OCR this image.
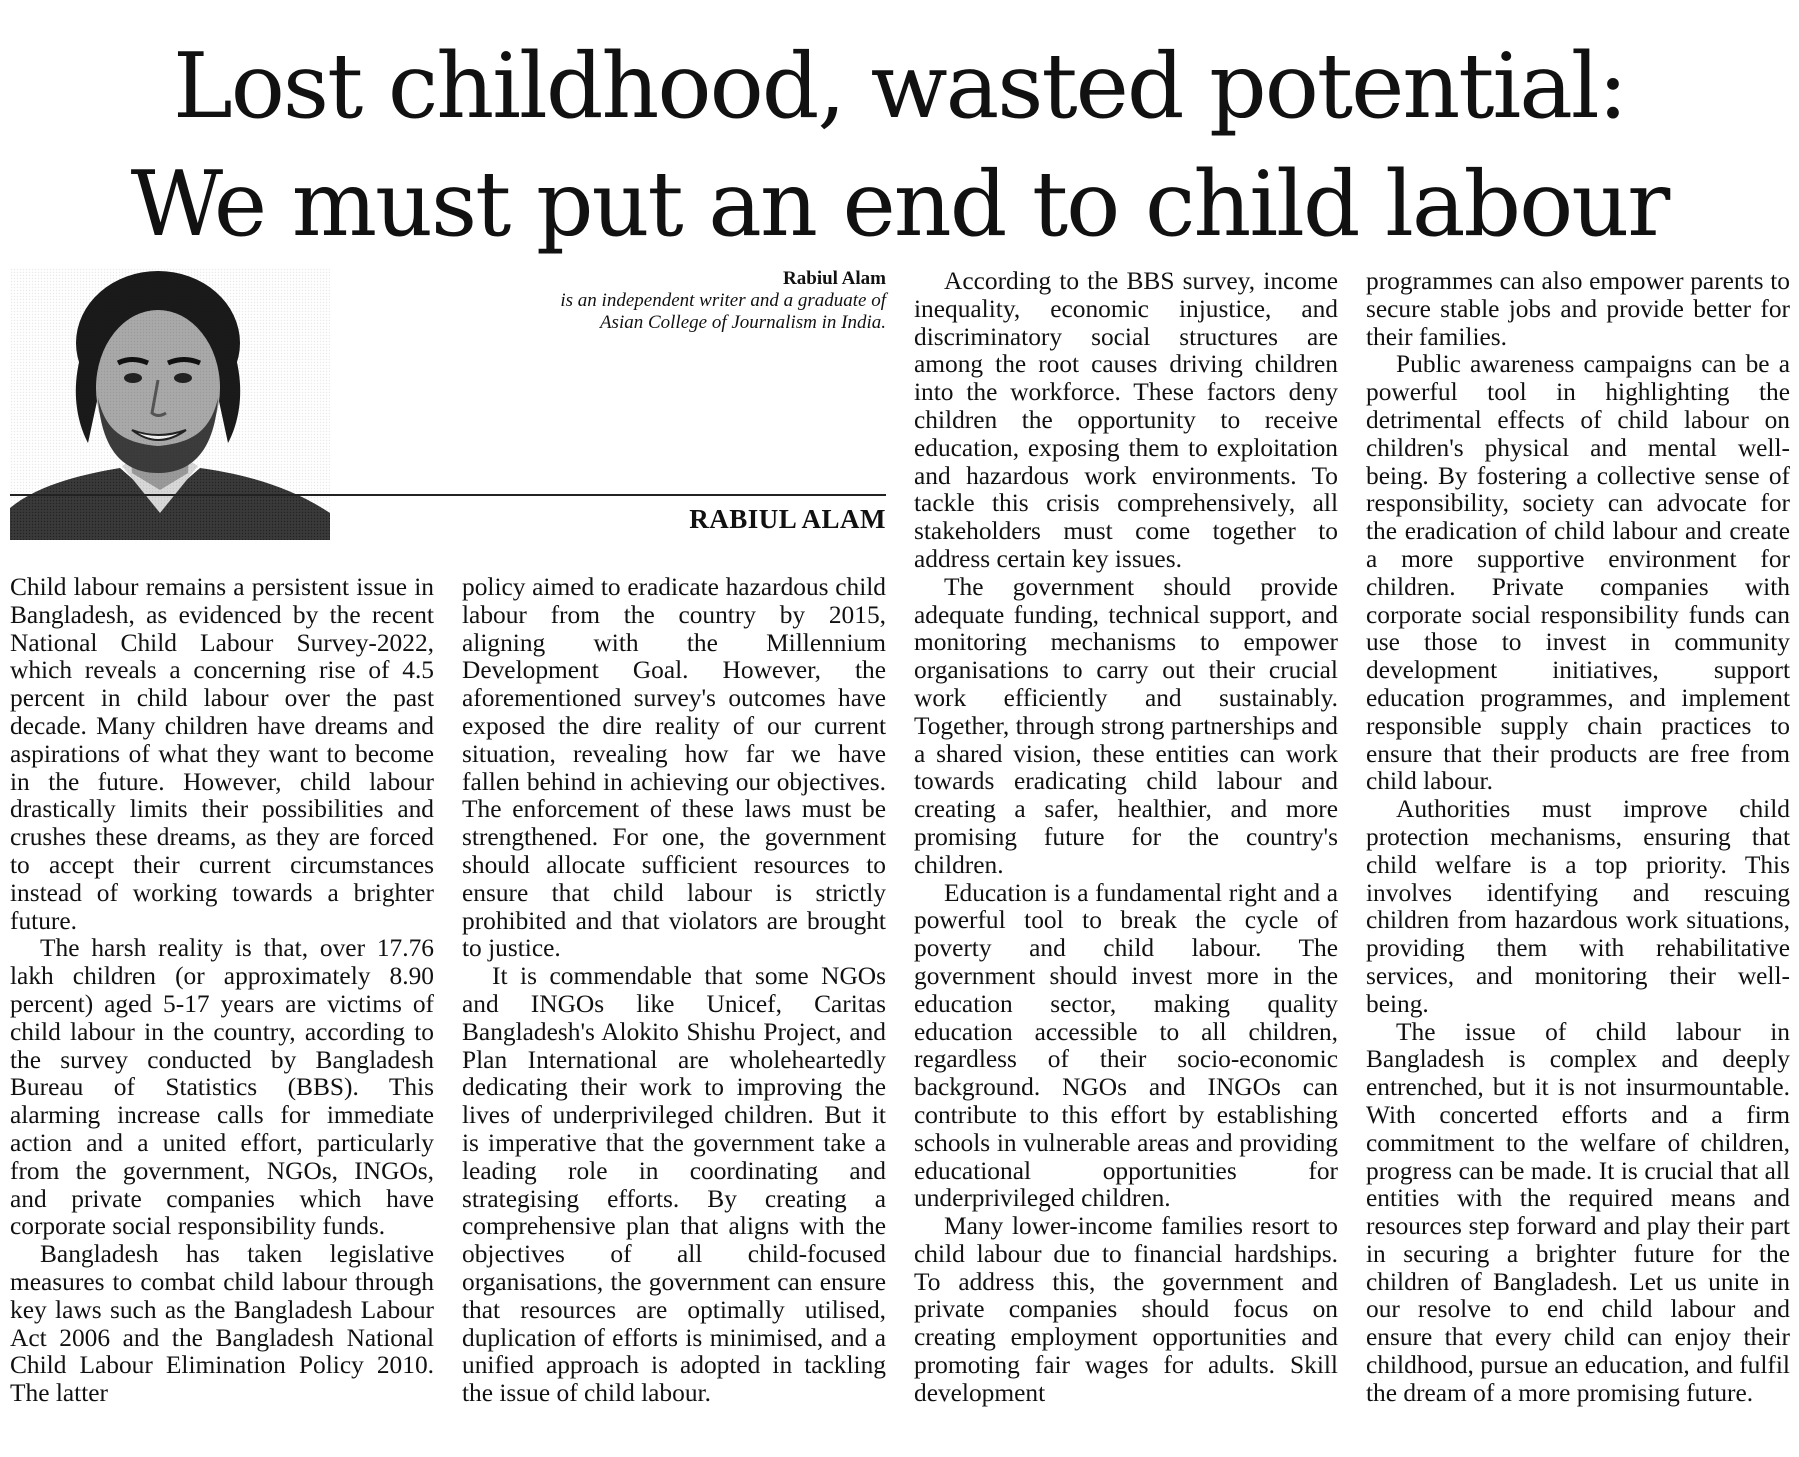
Lost childhood, wasted potential:
We must put an end to child labour
Rabiul Alam
is an independent writer and a graduate of Asian College of Journalism in India.
RABIUL ALAM

Child labour remains a persistent issue in Bangladesh, as evidenced by the recent National Child Labour Survey-2022, which reveals a concerning rise of 4.5 percent in child labour over the past decade. Many children have dreams and aspirations of what they want to become in the future. However, child labour drastically limits their possibilities and crushes these dreams, as they are forced to accept their current circumstances instead of working towards a brighter future.

The harsh reality is that, over 17.76 lakh children (or approximately 8.90 percent) aged 5-17 years are victims of child labour in the country, according to the survey conducted by Bangladesh Bureau of Statistics (BBS). This alarming increase calls for immediate action and a united effort, particularly from the government, NGOs, INGOs, and private companies which have corporate social responsibility funds.

Bangladesh has taken legislative measures to combat child labour through key laws such as the Bangladesh Labour Act 2006 and the Bangladesh National Child Labour Elimination Policy 2010. The latter

policy aimed to eradicate hazardous child labour from the country by 2015, aligning with the Millennium Development Goal. However, the aforementioned survey's outcomes have exposed the dire reality of our current situation, revealing how far we have fallen behind in achieving our objectives. The enforcement of these laws must be strengthened. For one, the government should allocate sufficient resources to ensure that child labour is strictly prohibited and that violators are brought to justice.

It is commendable that some NGOs and INGOs like Unicef, Caritas Bangladesh's Alokito Shishu Project, and Plan International are wholeheartedly dedicating their work to improving the lives of underprivileged children. But it is imperative that the government take a leading role in coordinating and strategising efforts. By creating a comprehensive plan that aligns with the objectives of all child-focused organisations, the government can ensure that resources are optimally utilised, duplication of efforts is minimised, and a unified approach is adopted in tackling the issue of child labour.

According to the BBS survey, income inequality, economic injustice, and discriminatory social structures are among the root causes driving children into the workforce. These factors deny children the opportunity to receive education, exposing them to exploitation and hazardous work environments. To tackle this crisis comprehensively, all stakeholders must come together to address certain key issues.

The government should provide adequate funding, technical support, and monitoring mechanisms to empower organisations to carry out their crucial work efficiently and sustainably. Together, through strong partnerships and a shared vision, these entities can work towards eradicating child labour and creating a safer, healthier, and more promising future for the country's children.

Education is a fundamental right and a powerful tool to break the cycle of poverty and child labour. The government should invest more in the education sector, making quality education accessible to all children, regardless of their socio-economic background. NGOs and INGOs can contribute to this effort by establishing schools in vulnerable areas and providing educational opportunities for underprivileged children.

Many lower-income families resort to child labour due to financial hardships. To address this, the government and private companies should focus on creating employment opportunities and promoting fair wages for adults. Skill development

programmes can also empower parents to secure stable jobs and provide better for their families.

Public awareness campaigns can be a powerful tool in highlighting the detrimental effects of child labour on children's physical and mental well-being. By fostering a collective sense of responsibility, society can advocate for the eradication of child labour and create a more supportive environment for children. Private companies with corporate social responsibility funds can use those to invest in community development initiatives, support education programmes, and implement responsible supply chain practices to ensure that their products are free from child labour.

Authorities must improve child protection mechanisms, ensuring that child welfare is a top priority. This involves identifying and rescuing children from hazardous work situations, providing them with rehabilitative services, and monitoring their well-being.

The issue of child labour in Bangladesh is complex and deeply entrenched, but it is not insurmountable. With concerted efforts and a firm commitment to the welfare of children, progress can be made. It is crucial that all entities with the required means and resources step forward and play their part in securing a brighter future for the children of Bangladesh. Let us unite in our resolve to end child labour and ensure that every child can enjoy their childhood, pursue an education, and fulfil the dream of a more promising future.
